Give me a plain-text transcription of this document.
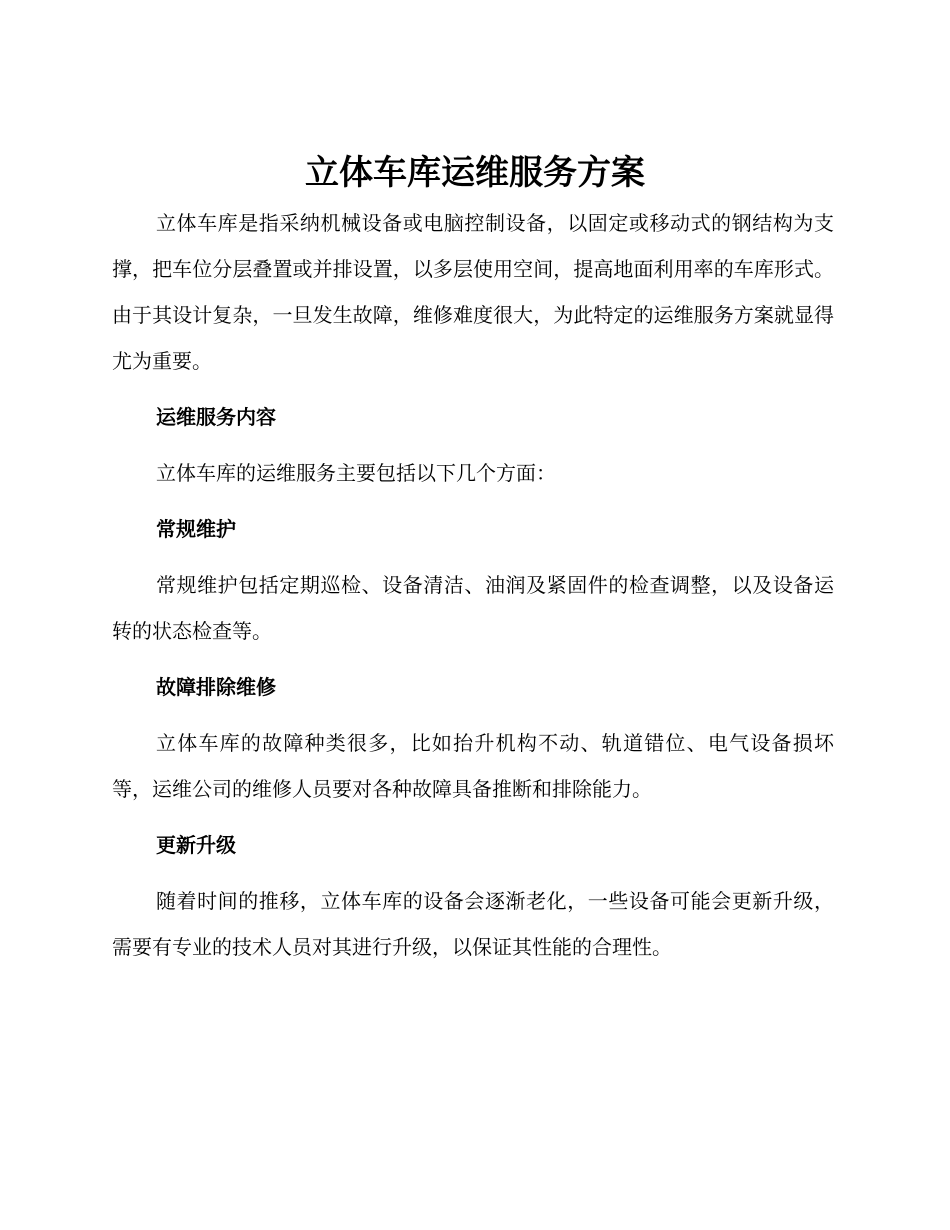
立体车库运维服务方案

立体车库是指采纳机械设备或电脑控制设备，以固定或移动式的钢结构为支撑，把车位分层叠置或并排设置，以多层使用空间，提高地面利用率的车库形式。由于其设计复杂，一旦发生故障，维修难度很大，为此特定的运维服务方案就显得尤为重要。

运维服务内容

立体车库的运维服务主要包括以下几个方面：

常规维护

常规维护包括定期巡检、设备清洁、油润及紧固件的检查调整，以及设备运转的状态检查等。

故障排除维修

立体车库的故障种类很多，比如抬升机构不动、轨道错位、电气设备损坏等，运维公司的维修人员要对各种故障具备推断和排除能力。

更新升级

随着时间的推移，立体车库的设备会逐渐老化，一些设备可能会更新升级，需要有专业的技术人员对其进行升级，以保证其性能的合理性。
